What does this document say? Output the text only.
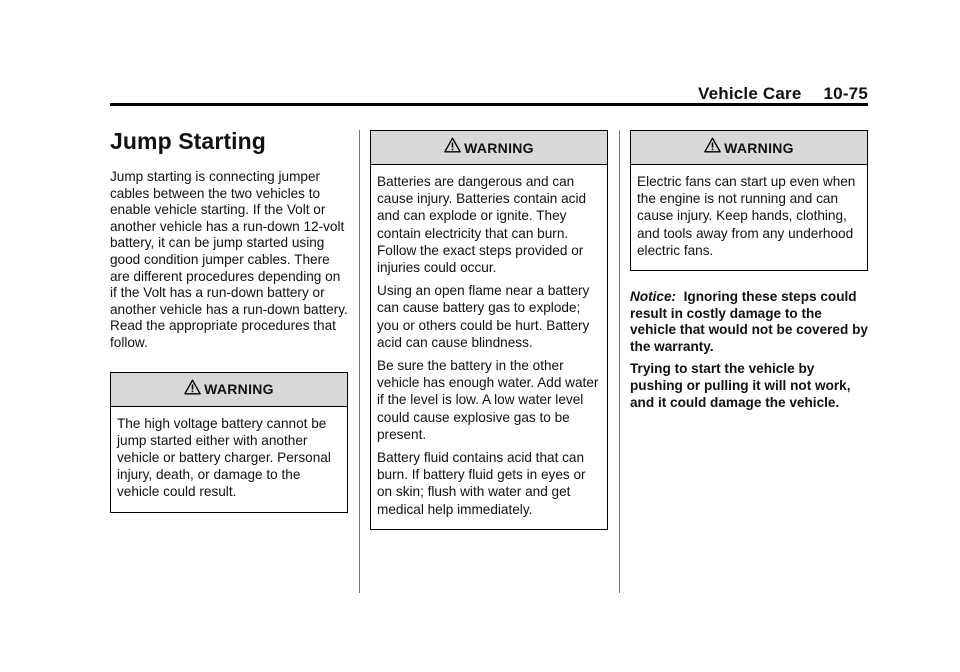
Vehicle Care 10-75
Jump Starting

Jump starting is connecting jumper cables between the two vehicles to enable vehicle starting. If the Volt or another vehicle has a run-down 12-volt battery, it can be jump started using good condition jumper cables. There are different procedures depending on if the Volt has a run-down battery or another vehicle has a run-down battery. Read the appropriate procedures that follow.

WARNING

The high voltage battery cannot be jump started either with another vehicle or battery charger. Personal injury, death, or damage to the vehicle could result.

WARNING

Batteries are dangerous and can cause injury. Batteries contain acid and can explode or ignite. They contain electricity that can burn. Follow the exact steps provided or injuries could occur.

Using an open flame near a battery can cause battery gas to explode; you or others could be hurt. Battery acid can cause blindness.

Be sure the battery in the other vehicle has enough water. Add water if the level is low. A low water level could cause explosive gas to be present.

Battery fluid contains acid that can burn. If battery fluid gets in eyes or on skin; flush with water and get medical help immediately.

WARNING

Electric fans can start up even when the engine is not running and can cause injury. Keep hands, clothing, and tools away from any underhood electric fans.

Notice: Ignoring these steps could result in costly damage to the vehicle that would not be covered by the warranty.

Trying to start the vehicle by pushing or pulling it will not work, and it could damage the vehicle.
